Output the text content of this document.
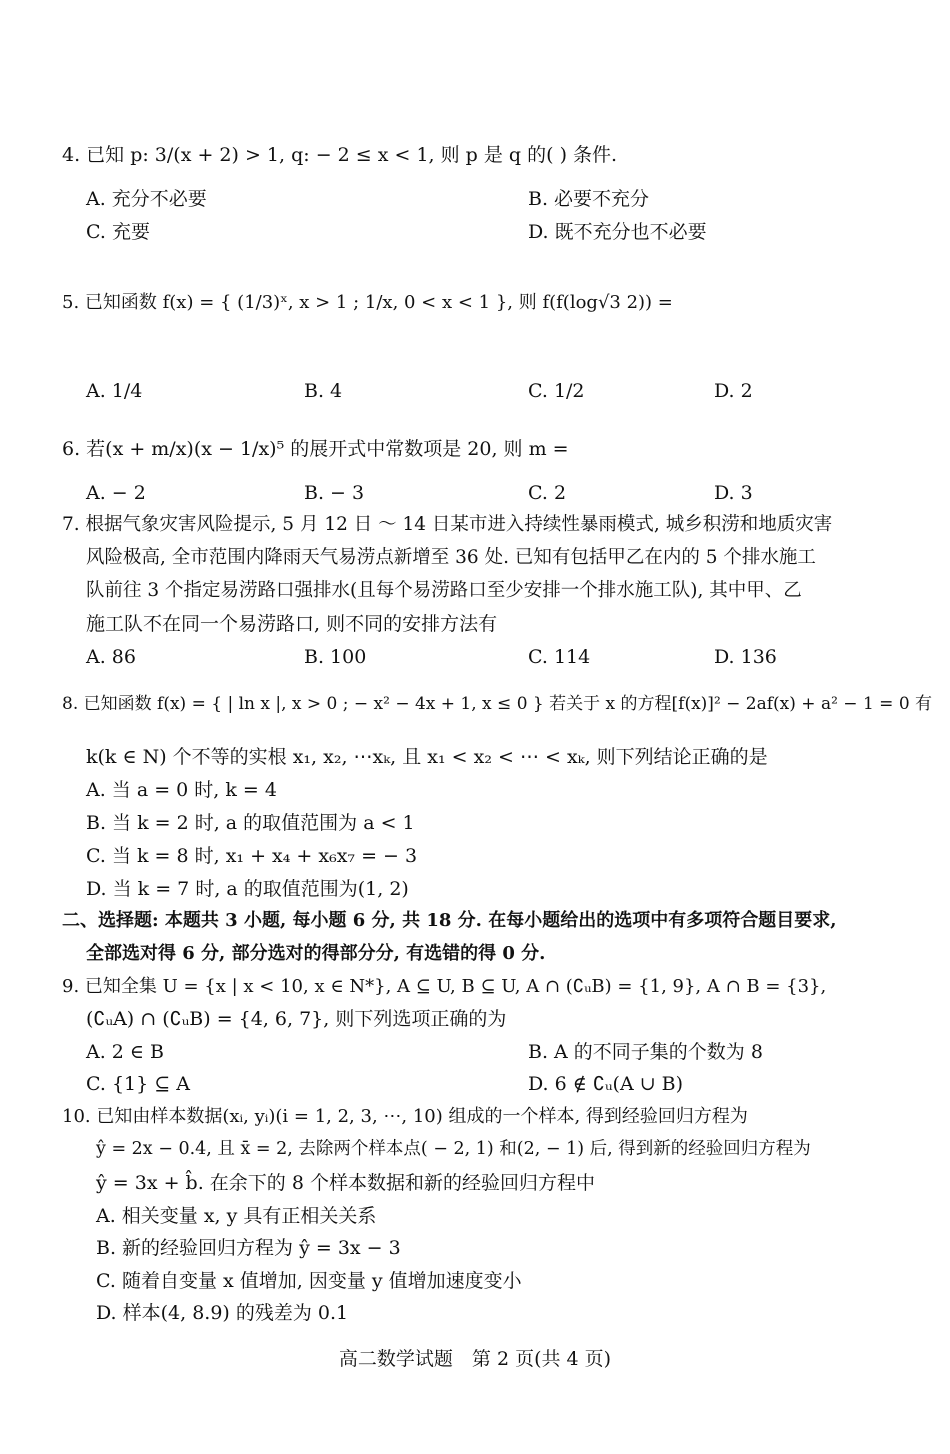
4. 已知 p: 3/(x + 2) > 1, q: − 2 ≤ x < 1, 则 p 是 q 的( ) 条件.
A. 充分不必要	B. 必要不充分
C. 充要	D. 既不充分也不必要
5. 已知函数 f(x) = { (1/3)ˣ, x > 1 ; 1/x, 0 < x < 1 }, 则 f(f(log√3 2)) =
A. 1/4	B. 4	C. 1/2	D. 2
6. 若(x + m/x)(x − 1/x)⁵ 的展开式中常数项是 20, 则 m =
A. − 2	B. − 3	C. 2	D. 3
7. 根据气象灾害风险提示, 5 月 12 日 ～ 14 日某市进入持续性暴雨模式, 城乡积涝和地质灾害
风险极高, 全市范围内降雨天气易涝点新增至 36 处. 已知有包括甲乙在内的 5 个排水施工
队前往 3 个指定易涝路口强排水(且每个易涝路口至少安排一个排水施工队), 其中甲、乙
施工队不在同一个易涝路口, 则不同的安排方法有
A. 86	B. 100	C. 114	D. 136
8. 已知函数 f(x) = { | ln x |, x > 0 ; − x² − 4x + 1, x ≤ 0 } 若关于 x 的方程[f(x)]² − 2af(x) + a² − 1 = 0 有
k(k ∈ N) 个不等的实根 x₁, x₂, ⋯xₖ, 且 x₁ < x₂ < ⋯ < xₖ, 则下列结论正确的是
A. 当 a = 0 时, k = 4
B. 当 k = 2 时, a 的取值范围为 a < 1
C. 当 k = 8 时, x₁ + x₄ + x₆x₇ = − 3
D. 当 k = 7 时, a 的取值范围为(1, 2)
二、选择题: 本题共 3 小题, 每小题 6 分, 共 18 分. 在每小题给出的选项中有多项符合题目要求,
全部选对得 6 分, 部分选对的得部分分, 有选错的得 0 分.
9. 已知全集 U = {x | x < 10, x ∈ N*}, A ⊆ U, B ⊆ U, A ∩ (∁ᵤB) = {1, 9}, A ∩ B = {3},
(∁ᵤA) ∩ (∁ᵤB) = {4, 6, 7}, 则下列选项正确的为
A. 2 ∈ B	B. A 的不同子集的个数为 8
C. {1} ⊆ A	D. 6 ∉ ∁ᵤ(A ∪ B)
10. 已知由样本数据(xᵢ, yᵢ)(i = 1, 2, 3, ⋯, 10) 组成的一个样本, 得到经验回归方程为
ŷ = 2x − 0.4, 且 x̄ = 2, 去除两个样本点( − 2, 1) 和(2, − 1) 后, 得到新的经验回归方程为
ŷ = 3x + b̂. 在余下的 8 个样本数据和新的经验回归方程中
A. 相关变量 x, y 具有正相关关系
B. 新的经验回归方程为 ŷ = 3x − 3
C. 随着自变量 x 值增加, 因变量 y 值增加速度变小
D. 样本(4, 8.9) 的残差为 0.1
高二数学试题　第 2 页(共 4 页)
